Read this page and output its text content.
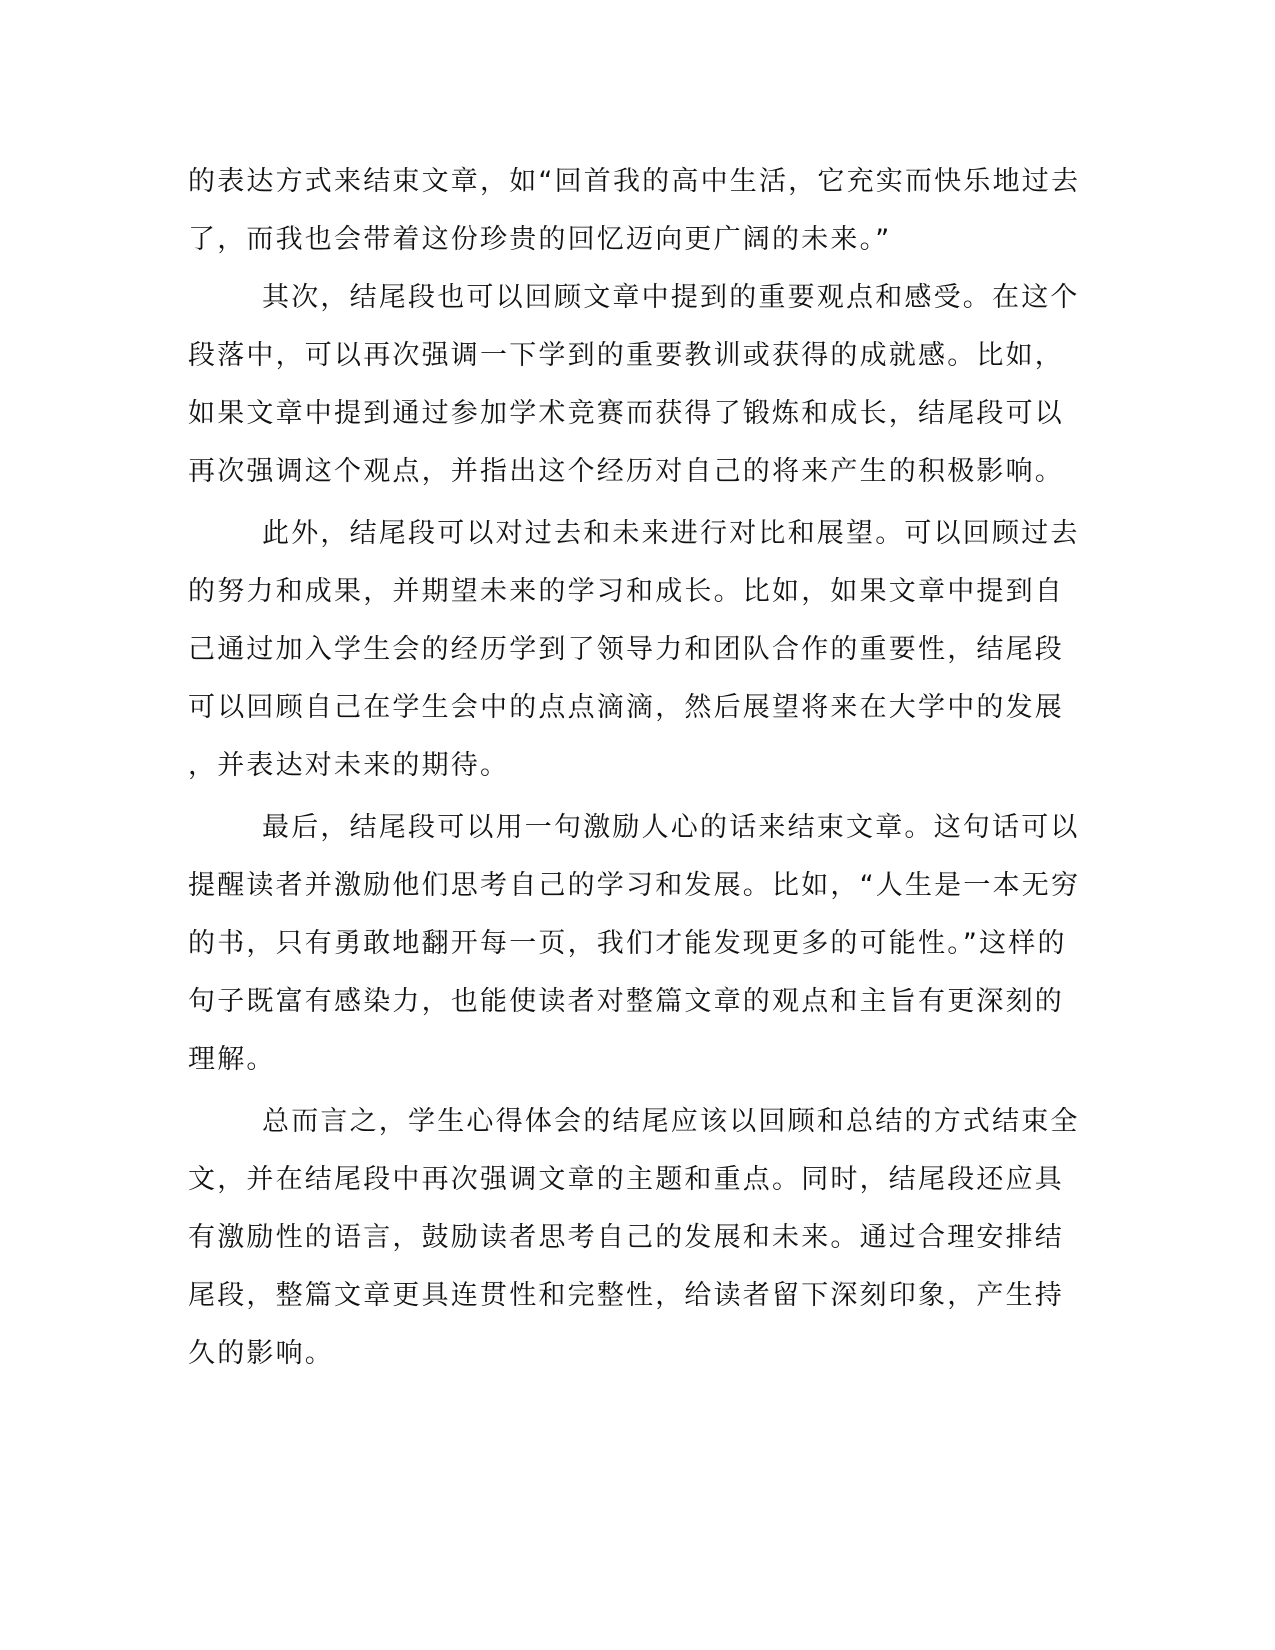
的表达方式来结束文章，如“回首我的高中生活，它充实而快乐地过去
了，而我也会带着这份珍贵的回忆迈向更广阔的未来。”
其次，结尾段也可以回顾文章中提到的重要观点和感受。在这个
段落中，可以再次强调一下学到的重要教训或获得的成就感。比如，
如果文章中提到通过参加学术竞赛而获得了锻炼和成长，结尾段可以
再次强调这个观点，并指出这个经历对自己的将来产生的积极影响。
此外，结尾段可以对过去和未来进行对比和展望。可以回顾过去
的努力和成果，并期望未来的学习和成长。比如，如果文章中提到自
己通过加入学生会的经历学到了领导力和团队合作的重要性，结尾段
可以回顾自己在学生会中的点点滴滴，然后展望将来在大学中的发展
，并表达对未来的期待。
最后，结尾段可以用一句激励人心的话来结束文章。这句话可以
提醒读者并激励他们思考自己的学习和发展。比如，“人生是一本无穷
的书，只有勇敢地翻开每一页，我们才能发现更多的可能性。”这样的
句子既富有感染力，也能使读者对整篇文章的观点和主旨有更深刻的
理解。
总而言之，学生心得体会的结尾应该以回顾和总结的方式结束全
文，并在结尾段中再次强调文章的主题和重点。同时，结尾段还应具
有激励性的语言，鼓励读者思考自己的发展和未来。通过合理安排结
尾段，整篇文章更具连贯性和完整性，给读者留下深刻印象，产生持
久的影响。
